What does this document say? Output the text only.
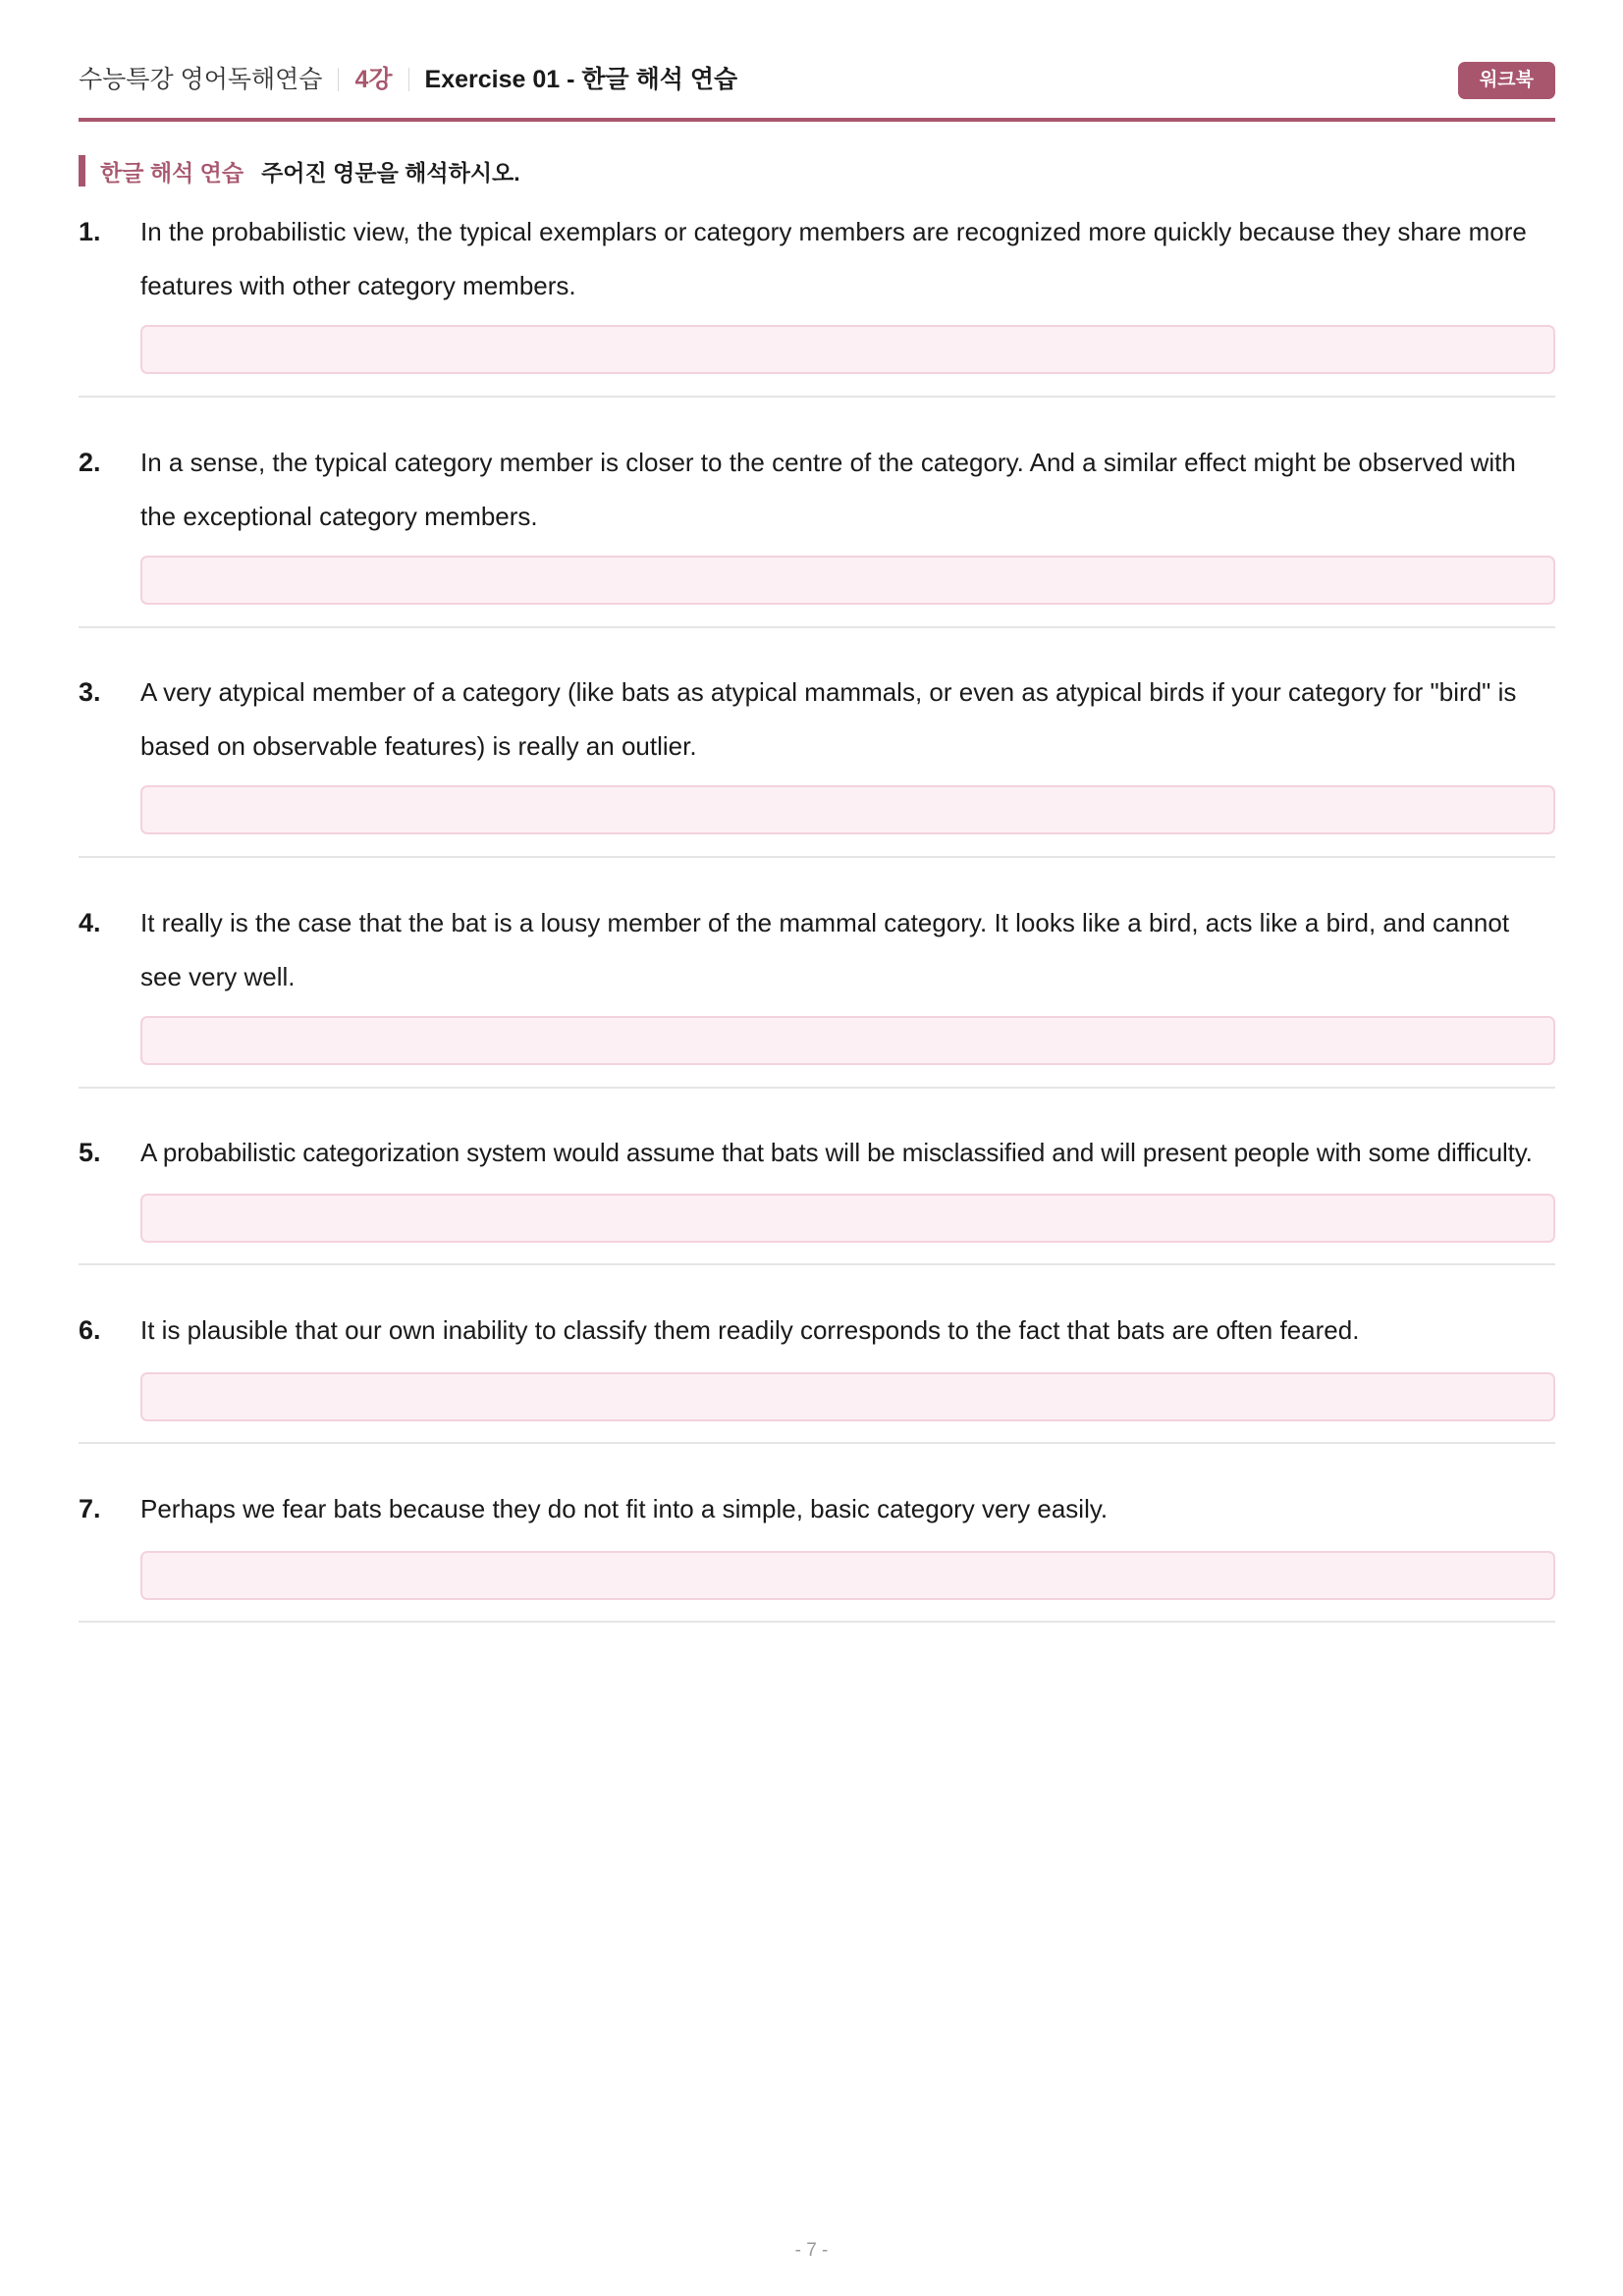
수능특강 영어독해연습 4강 Exercise 01 - 한글 해석 연습	워크북
한글 해석 연습 주어진 영문을 해석하시오.
1. In the probabilistic view, the typical exemplars or category members are recognized more quickly because they share more features with other category members.

2. In a sense, the typical category member is closer to the centre of the category. And a similar effect might be observed with the exceptional category members.

3. A very atypical member of a category (like bats as atypical mammals, or even as atypical birds if your category for "bird" is based on observable features) is really an outlier.

4. It really is the case that the bat is a lousy member of the mammal category. It looks like a bird, acts like a bird, and cannot see very well.

5. A probabilistic categorization system would assume that bats will be misclassified and will present people with some difficulty.

6. It is plausible that our own inability to classify them readily corresponds to the fact that bats are often feared.

7. Perhaps we fear bats because they do not fit into a simple, basic category very easily.

- 7 -
